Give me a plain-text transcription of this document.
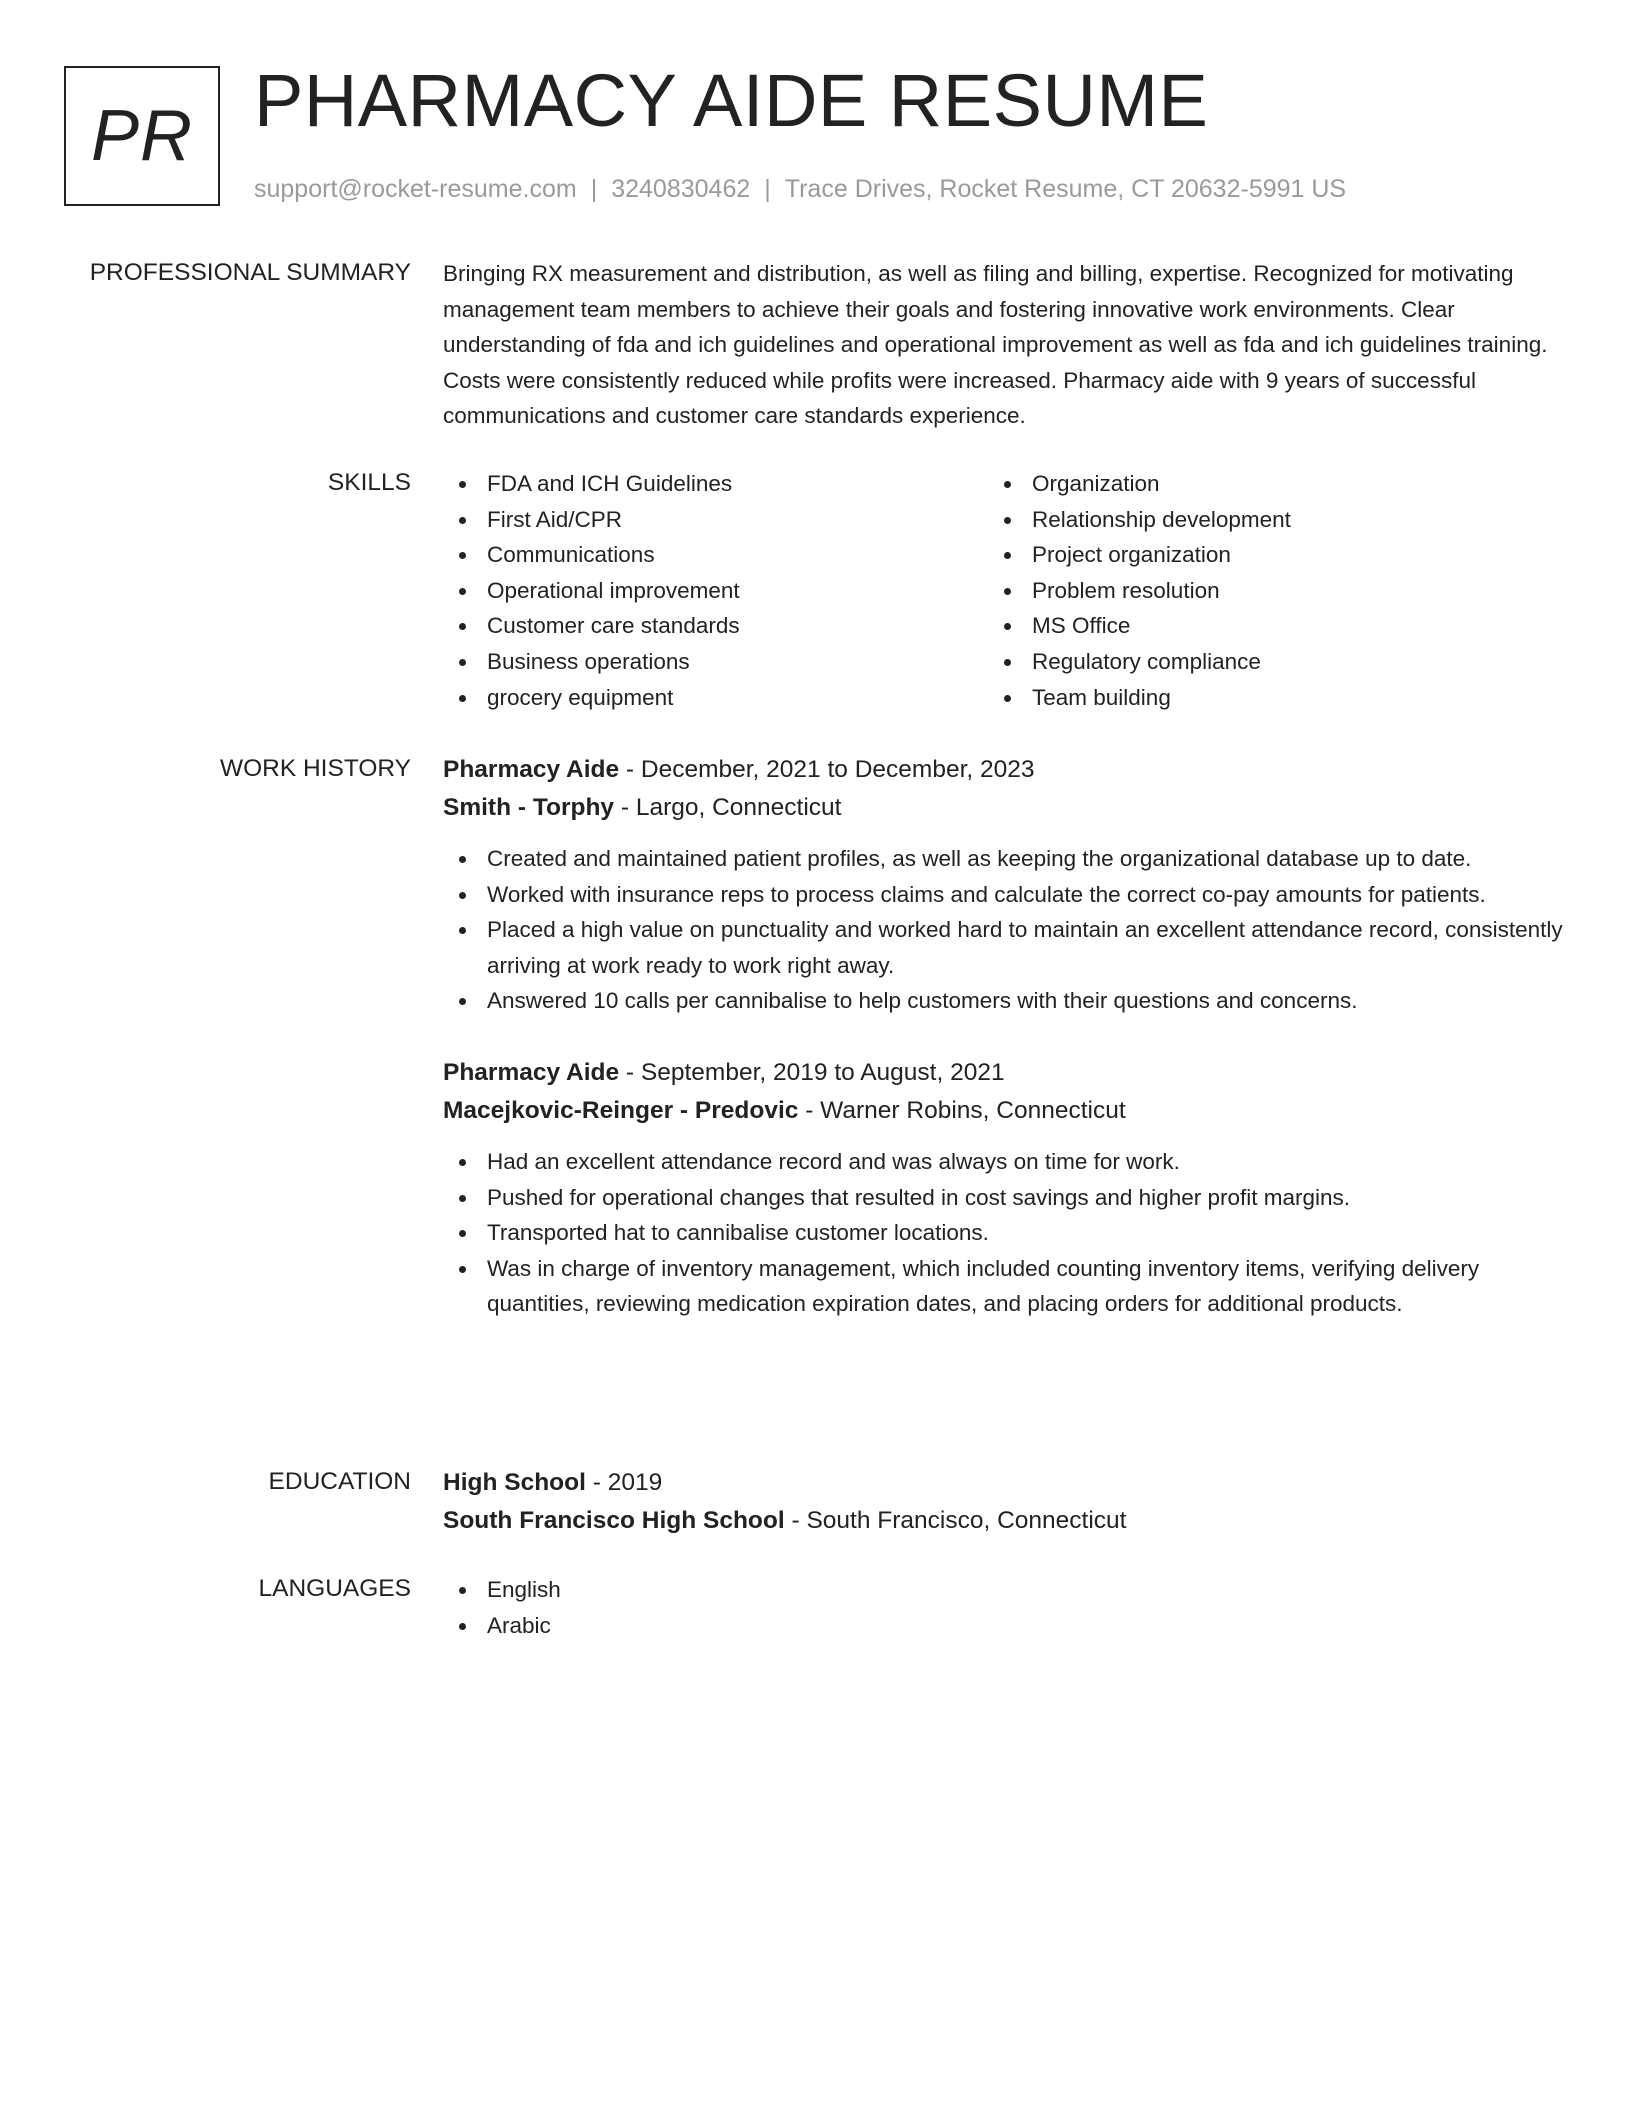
PR PHARMACY AIDE RESUME
support@rocket-resume.com | 3240830462 | Trace Drives, Rocket Resume, CT 20632-5991 US
PROFESSIONAL SUMMARY Bringing RX measurement and distribution, as well as filing and billing, expertise. Recognized for motivating management team members to achieve their goals and fostering innovative work environments. Clear understanding of fda and ich guidelines and operational improvement as well as fda and ich guidelines training. Costs were consistently reduced while profits were increased. Pharmacy aide with 9 years of successful communications and customer care standards experience.

SKILLS	FDA and ICH Guidelines
First Aid/CPR
Communications
Operational improvement
Customer care standards
Business operations
grocery equipment
Organization
Relationship development
Project organization
Problem resolution
MS Office
Regulatory compliance
Team building
WORK HISTORY Pharmacy Aide - December, 2021 to December, 2023
Smith - Torphy - Largo, Connecticut
Created and maintained patient profiles, as well as keeping the organizational database up to date.
Worked with insurance reps to process claims and calculate the correct co-pay amounts for patients.
Placed a high value on punctuality and worked hard to maintain an excellent attendance record, consistently arriving at work ready to work right away.
Answered 10 calls per cannibalise to help customers with their questions and concerns.
Pharmacy Aide - September, 2019 to August, 2021
Macejkovic-Reinger - Predovic - Warner Robins, Connecticut
Had an excellent attendance record and was always on time for work.
Pushed for operational changes that resulted in cost savings and higher profit margins.
Transported hat to cannibalise customer locations.
Was in charge of inventory management, which included counting inventory items, verifying delivery quantities, reviewing medication expiration dates, and placing orders for additional products.
EDUCATION High School - 2019
South Francisco High School - South Francisco, Connecticut
LANGUAGES	English
Arabic
